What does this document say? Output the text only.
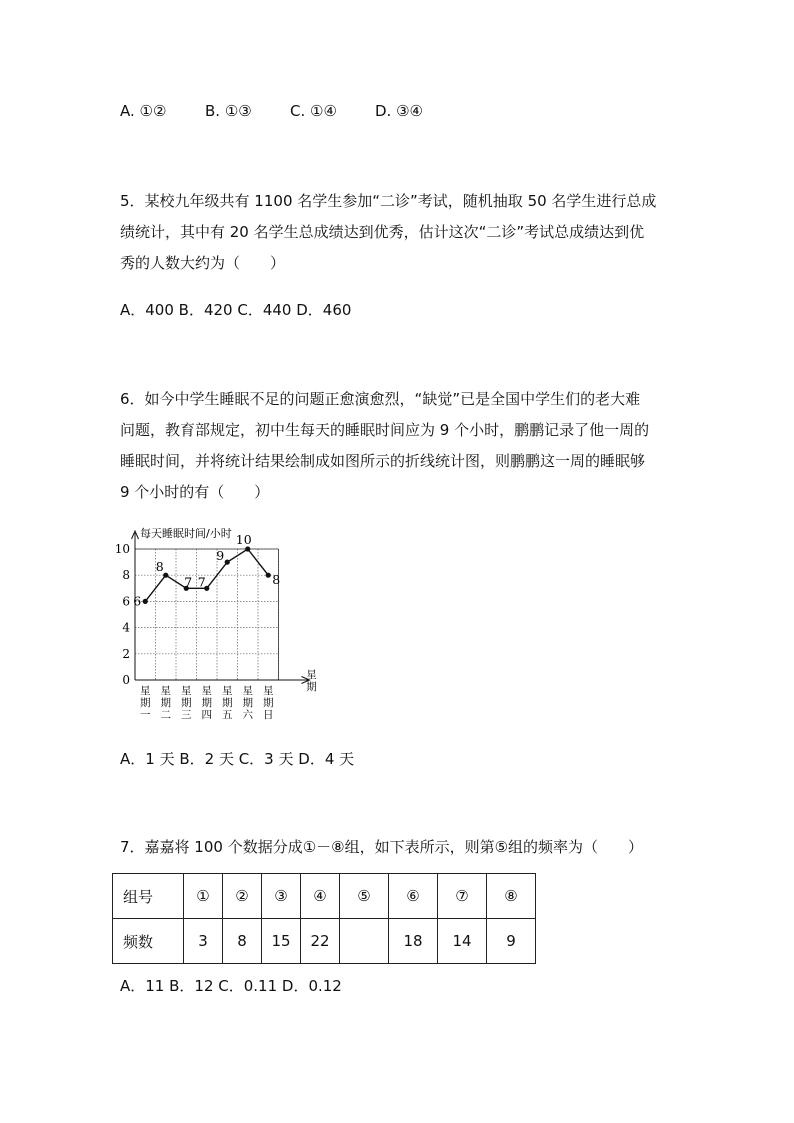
A. ①②	B. ①③	C. ①④	D. ③④
5．某校九年级共有 1100 名学生参加“二诊”考试，随机抽取 50 名学生进行总成
绩统计，其中有 20 名学生总成绩达到优秀，估计这次“二诊”考试总成绩达到优
秀的人数大约为（　　）
A．400 B．420 C．440 D．460
6．如今中学生睡眠不足的问题正愈演愈烈，“缺觉”已是全国中学生们的老大难
问题，教育部规定，初中生每天的睡眠时间应为 9 个小时，鹏鹏记录了他一周的
睡眠时间，并将统计结果绘制成如图所示的折线统计图，则鹏鹏这一周的睡眠够
9 个小时的有（　　）
每天睡眠时间/小时
0
2
4
6
8
10
星期一
星期二
星期三
星期四
星期五
星期六
星期日
星期
6
8
7 7
9
10
8
A．1 天 B．2 天 C．3 天 D．4 天
7．嘉嘉将 100 个数据分成①－⑧组，如下表所示，则第⑤组的频率为（　　）
组号	①	②	③	④	⑤	⑥	⑦	⑧
频数	3	8	15	22		18	14	9
A．11 B．12 C．0.11 D．0.12
